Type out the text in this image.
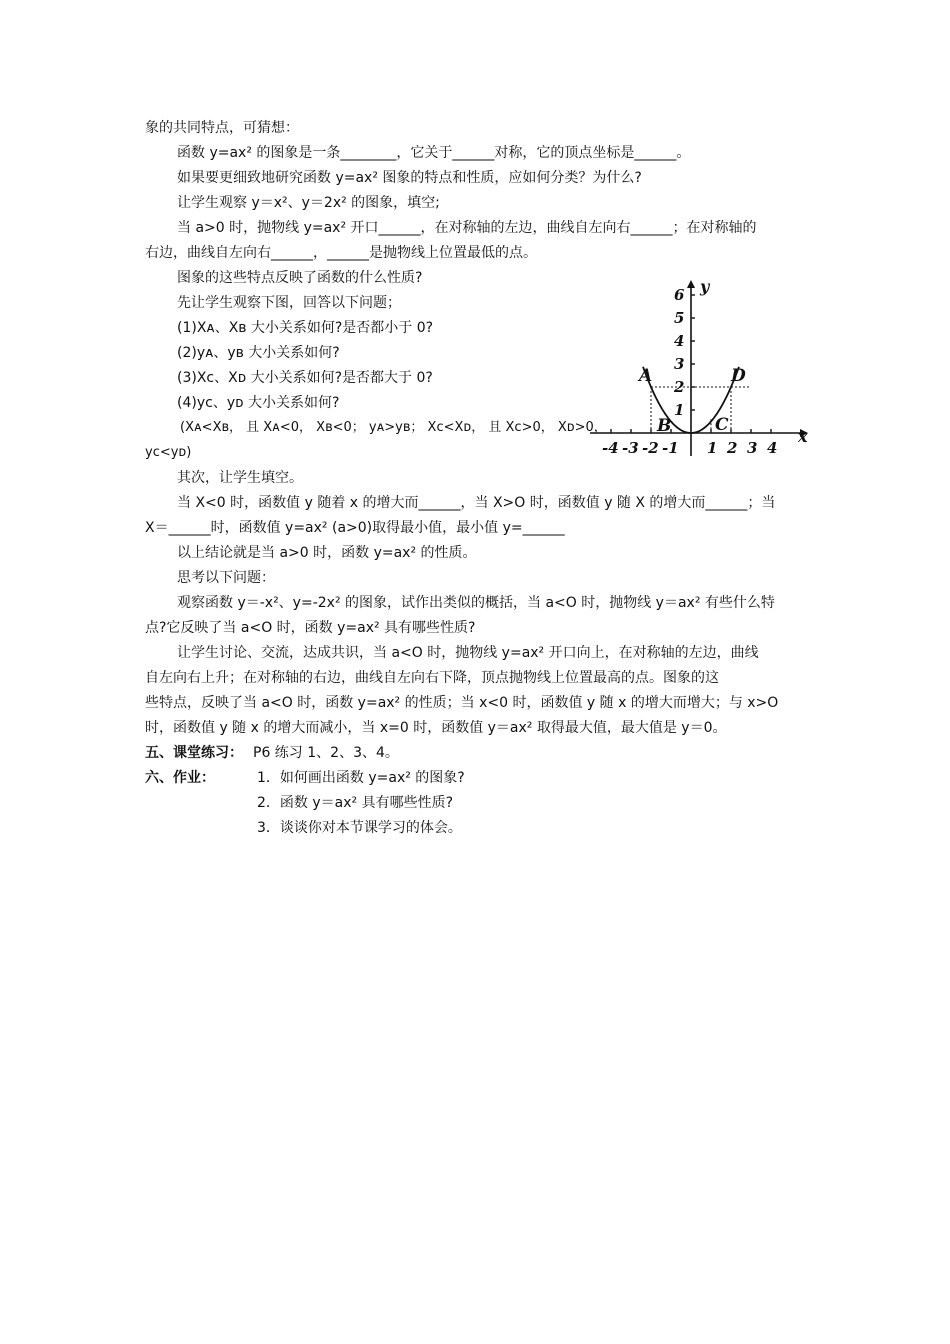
象的共同特点，可猜想：
函数 y=ax² 的图象是一条________，它关于______对称，它的顶点坐标是______。
如果要更细致地研究函数 y=ax² 图象的特点和性质，应如何分类？为什么?
让学生观察 y＝x²、y＝2x² 的图象，填空;
当 a>0 时，抛物线 y=ax² 开口______，在对称轴的左边，曲线自左向右______；在对称轴的
右边，曲线自左向右______，______是抛物线上位置最低的点。
图象的这些特点反映了函数的什么性质?
先让学生观察下图，回答以下问题；
(1)Xᴀ、Xʙ 大小关系如何?是否都小于 0?
(2)yᴀ、yʙ 大小关系如何?
(3)Xᴄ、Xᴅ 大小关系如何?是否都大于 0?
(4)yᴄ、yᴅ 大小关系如何?
(Xᴀ<Xʙ， 且 Xᴀ<0， Xʙ<0； yᴀ>yʙ； Xᴄ<Xᴅ， 且 Xᴄ>0， Xᴅ>0，
yᴄ<yᴅ)
其次，让学生填空。
当 X<0 时，函数值 y 随着 x 的增大而______，当 X>O 时，函数值 y 随 X 的增大而______；当
X＝______时，函数值 y=ax² (a>0)取得最小值，最小值 y=______
以上结论就是当 a>0 时，函数 y=ax² 的性质。
思考以下问题：
观察函数 y＝-x²、y=-2x² 的图象，试作出类似的概括，当 a<O 时，抛物线 y＝ax² 有些什么特
点?它反映了当 a<O 时，函数 y=ax² 具有哪些性质?
让学生讨论、交流，达成共识，当 a<O 时，抛物线 y=ax² 开口向上，在对称轴的左边，曲线
自左向右上升；在对称轴的右边，曲线自左向右下降，顶点抛物线上位置最高的点。图象的这
些特点，反映了当 a<O 时，函数 y=ax² 的性质；当 x<0 时，函数值 y 随 x 的增大而增大；与 x>O
时，函数值 y 随 x 的增大而减小，当 x=0 时，函数值 y＝ax² 取得最大值，最大值是 y＝0。
五、课堂练习： P6 练习 1、2、3、4。
六、作业：	1．如何画出函数 y=ax² 的图象?
2．函数 y＝ax² 具有哪些性质?
3．谈谈你对本节课学习的体会。
-4 -3 -2 -1 1 2 3 4
1
2
3
4
5
6
A
B	C
D
x
y
